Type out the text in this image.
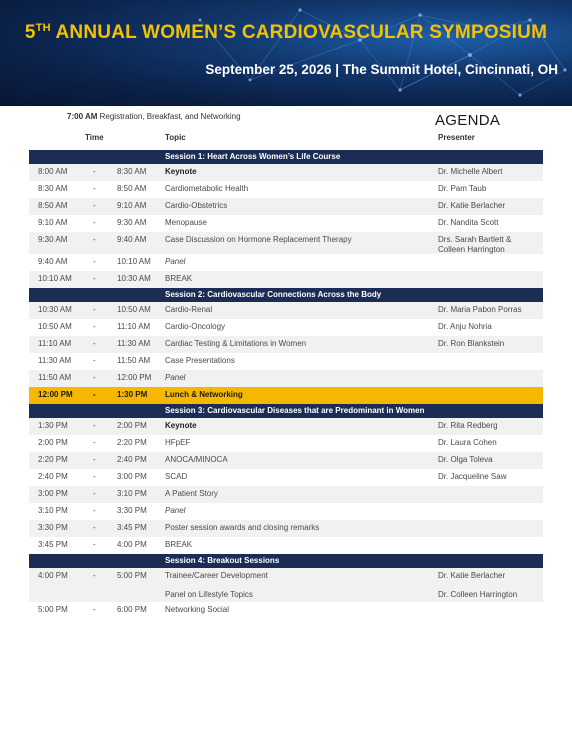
5TH ANNUAL WOMEN’S CARDIOVASCULAR SYMPOSIUM
September 25, 2026 | The Summit Hotel, Cincinnati, OH
7:00 AM Registration, Breakfast, and Networking	AGENDA
Time	Topic	Presenter
Session 1: Heart Across Women’s Life Course
8:00 AM	-	8:30 AM Keynote	Dr. Michelle Albert
8:30 AM	-	8:50 AM Cardiometabolic Health	Dr. Pam Taub
8:50 AM	-	9:10 AM Cardio-Obstetrics	Dr. Katie Berlacher
9:10 AM	-	9:30 AM Menopause	Dr. Nandita Scott
9:30 AM	-	9:40 AM Case Discussion on Hormone Replacement Therapy	Drs. Sarah Bartlett &
Colleen Harrington
9:40 AM	-	10:10 AM Panel
10:10 AM	-	10:30 AM BREAK
Session 2: Cardiovascular Connections Across the Body
10:30 AM	-	10:50 AM Cardio-Renal	Dr. Maria Pabon Porras
10:50 AM	-	11:10 AM Cardio-Oncology	Dr. Anju Nohria
11:10 AM	-	11:30 AM Cardiac Testing & Limitations in Women	Dr. Ron Blankstein
11:30 AM	-	11:50 AM Case Presentations
11:50 AM	-	12:00 PM Panel
12:00 PM	-	1:30 PM Lunch & Networking
Session 3: Cardiovascular Diseases that are Predominant in Women
1:30 PM	-	2:00 PM Keynote	Dr. Rita Redberg
2:00 PM	-	2:20 PM HFpEF	Dr. Laura Cohen
2:20 PM	-	2:40 PM ANOCA/MINOCA	Dr. Olga Toleva
2:40 PM	-	3:00 PM SCAD	Dr. Jacqueline Saw
3:00 PM	-	3:10 PM A Patient Story
3:10 PM	-	3:30 PM Panel
3:30 PM	-	3:45 PM Poster session awards and closing remarks
3:45 PM	-	4:00 PM BREAK
Session 4: Breakout Sessions
4:00 PM	-	5:00 PM Trainee/Career Development	Dr. Katie Berlacher
Panel on Lifestyle Topics	Dr. Colleen Harrington
5:00 PM	-	6:00 PM Networking Social
